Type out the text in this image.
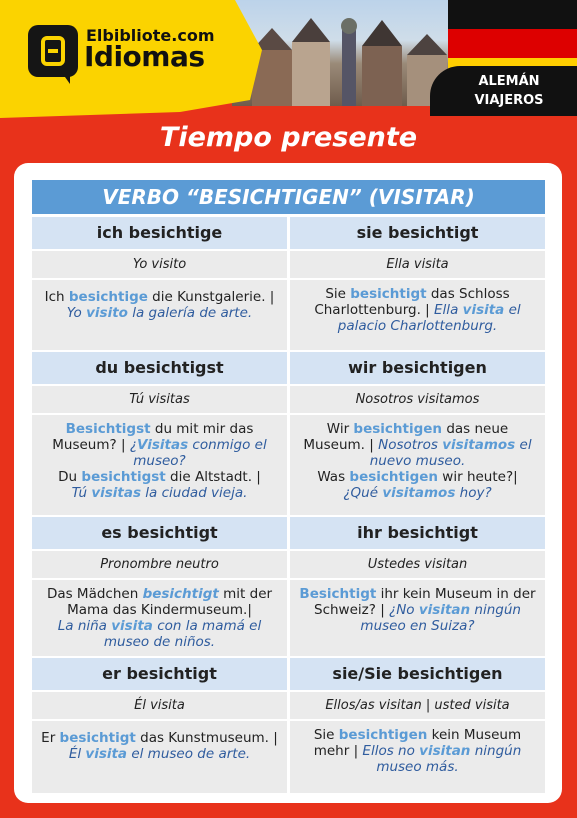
ALEMÁN
VIAJEROS
Elbibliote.com
Idiomas
Tiempo presente
VERBO “BESICHTIGEN” (VISITAR)
ich besichtige
Yo visito
Ich besichtige die Kunstgalerie. |
Yo visito la galería de arte.
du besichtigst
Tú visitas
Besichtigst du mit mir das Museum? | ¿Visitas conmigo el museo?
Du besichtigst die Altstadt. |
Tú visitas la ciudad vieja.
es besichtigt
Pronombre neutro
Das Mädchen besichtigt mit der Mama das Kindermuseum.|
La niña visita con la mamá el museo de niños.
er besichtigt
Él visita
Er besichtigt das Kunstmuseum. |
Él visita el museo de arte.
sie besichtigt
Ella visita
Sie besichtigt das Schloss Charlottenburg. | Ella visita el palacio Charlottenburg.
wir besichtigen
Nosotros visitamos
Wir besichtigen das neue Museum. | Nosotros visitamos el nuevo museo.
Was besichtigen wir heute?|
¿Qué visitamos hoy?
ihr besichtigt
Ustedes visitan
Besichtigt ihr kein Museum in der Schweiz? | ¿No visitan ningún museo en Suiza?
sie/Sie besichtigen
Ellos/as visitan | usted visita
Sie besichtigen kein Museum mehr | Ellos no visitan ningún museo más.
